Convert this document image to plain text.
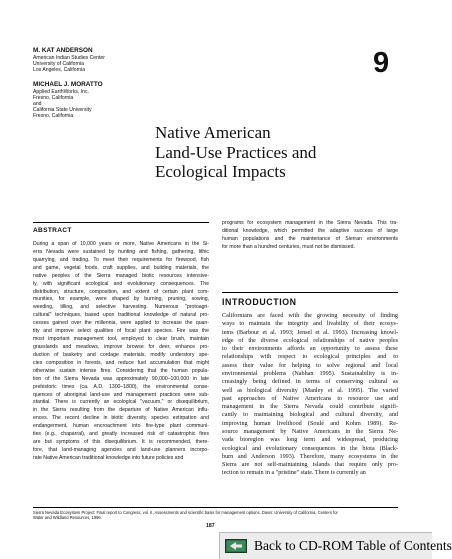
M. KAT ANDERSON
American Indian Studies Center
University of California
Los Angeles, California
MICHAEL J. MORATTO
Applied EarthWorks, Inc.
Fresno, California
and
California State University
Fresno, California
9
Native American
Land-Use Practices and
Ecological Impacts
ABSTRACT
During a span of 10,000 years or more, Native Americans in the Si-
erra Nevada were sustained by hunting and fishing, gathering, lithic
quarrying, and trading. To meet their requirements for firewood, fish
and game, vegetal foods, craft supplies, and building materials, the
native peoples of the Sierra managed biotic resources intensive-
ly, with significant ecological and evolutionary consequences. The
distribution, structure, composition, and extent of certain plant com-
munities, for example, were shaped by burning, pruning, sowing,
weeding, tilling, and selective harvesting. Numerous "protoagri-
cultural" techniques, based upon traditional knowledge of natural pro-
cesses gained over the millennia, were applied to increase the quan-
tity and improve select qualities of focal plant species. Fire was the
most important management tool, employed to clear brush, maintain
grasslands and meadows, improve browse for deer, enhance pro-
duction of basketry and cordage materials, modify understory spe-
cies composition in forests, and reduce fuel accumulation that might
otherwise sustain intense fires. Considering that the human popula-
tion of the Sierra Nevada was approximately 90,000–100,000 in late
prehistoric times (ca. A.D. 1300–1800), the environmental conse-
quences of aboriginal land-use and management practices were sub-
stantial. There is currently an ecological "vacuum," or disequilibrium,
in the Sierra resulting from the departure of Native American influ-
ences. The recent decline in biotic diversity, species extirpation and
endangerment, human encroachment into fire-type plant communi-
ties (e.g., chaparral), and greatly increased risk of catastrophic fires
are but symptoms of this disequilibrium. It is recommended, there-
fore, that land-managing agencies and land-use planners incorpo-
rate Native American traditional knowledge into future policies and
programs for ecosystem management in the Sierra Nevada. This tra-
ditional knowledge, which permitted the adaptive success of large
human populations and the maintenance of Sierran environments
for more than a hundred centuries, must not be dismissed.
INTRODUCTION
Californians are faced with the growing necessity of finding
ways to maintain the integrity and livability of their ecosys-
tems (Barbour et al. 1993; Jensel et al. 1993). Increasing knowl-
edge of the diverse ecological relationships of native peoples
to their environments affords an opportunity to assess these
relationships with respect to ecological principles and to
assess their value for helping to solve regional and local
environmental problems (Nabhan 1995). Sustainability is in-
creasingly being defined in terms of conserving cultural as
well as biological diversity (Manley et al. 1995). The varied
past approaches of Native Americans to resource use and
management in the Sierra Nevada could contribute signifi-
cantly to maintaining biological and cultural diversity, and
improving human livelihood (Soulé and Kohm 1989). Re-
source management by Native Americans in the Sierra Ne-
vada bioregion was long term and widespread, producing
ecological and evolutionary consequences in the biota (Black-
burn and Anderson 1993). Therefore, many ecosystems in the
Sierra are not self-maintaining islands that require only pro-
tection to remain in a "pristine" state. There is currently an
Sierra Nevada Ecosystem Project: Final report to Congress, vol. II, Assessments and scientific basis for management options. Davis: University of California, Centers for
Water and Wildland Resources, 1996.
187
Back to CD-ROM Table of Contents
